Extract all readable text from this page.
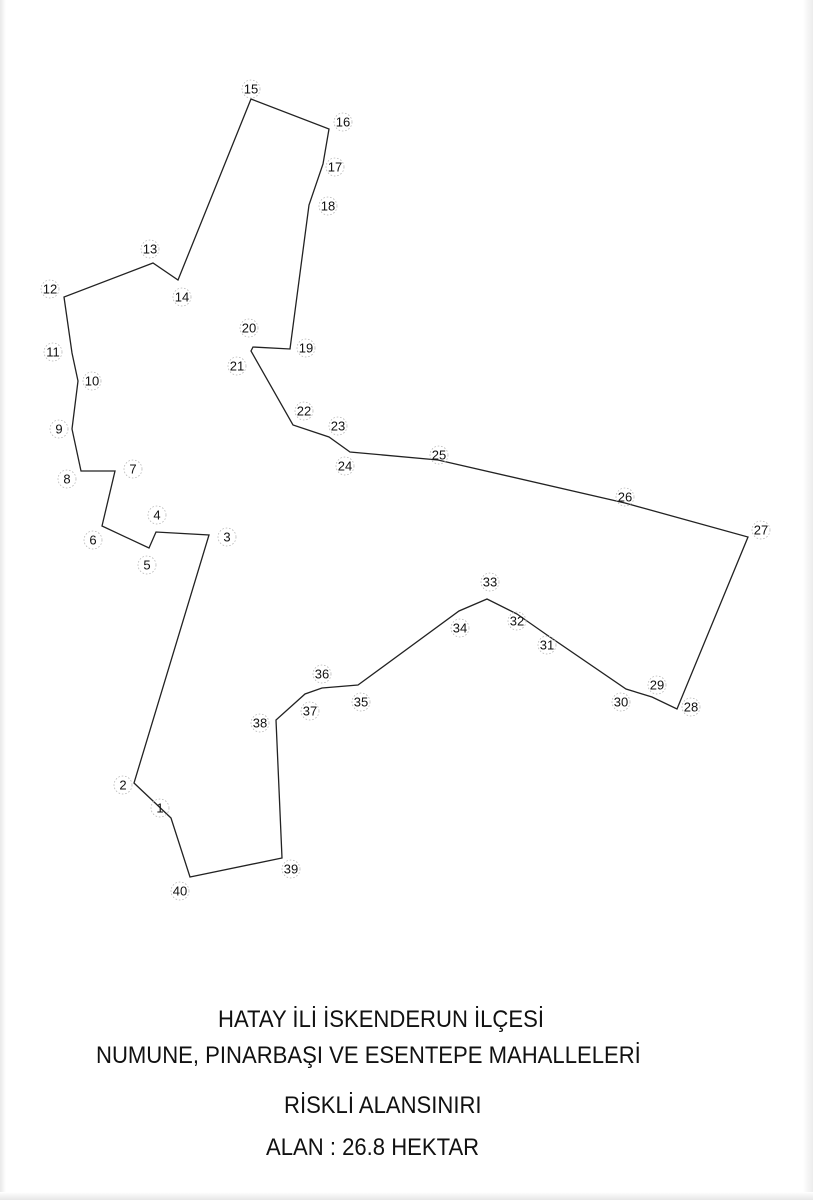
1
2
3
4
5
6
7
8
9
10
11
12
13
14
15
16
17
18
19
20
21
22
23
24
25
26
27
28
29
30
31
32
33
34
35
36
37
38
39
40
HATAY İLİ İSKENDERUN İLÇESİ
NUMUNE, PINARBAŞI VE ESENTEPE MAHALLELERİ
RİSKLİ ALANSINIRI
ALAN : 26.8 HEKTAR
